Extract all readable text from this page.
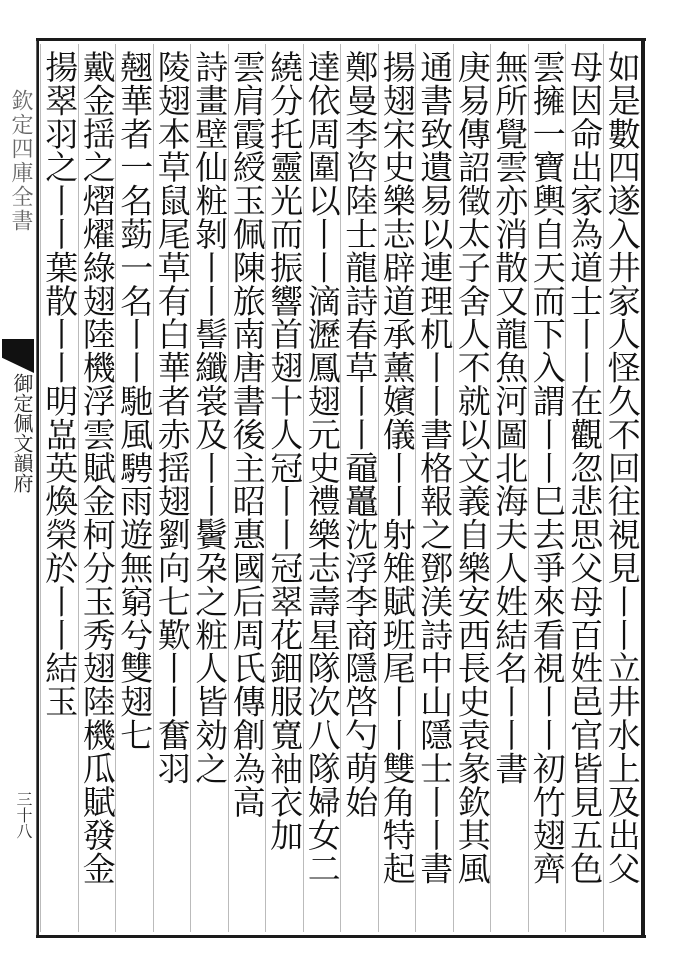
欽定四庫全書
御定佩文韻府
三十八	如是數四遂入井家人怪久不回往視見丨丨立井水上及出父
母因命出家為道士丨丨在觀忽悲思父母百姓邑官皆見五色
雲擁一寶輿自天而下入謂丨丨巳去爭來看視丨丨初竹翅齊
無所覺雲亦消散又龍魚河圖北海夫人姓結名丨丨書
庚易傳詔徵太子舍人不就以文義自樂安西長史袁彖欽其風
通書致遺易以連理机丨丨書格報之鄧渼詩中山隱士丨丨書
揚翅宋史樂志辟道承薰嬪儀丨丨射雉賦班尾丨丨雙角特起
鄭曼李咨陸士龍詩春草丨丨黿鼉沈浮李商隱啓勺萌始
達依周圍以丨丨滴瀝鳳翅元史禮樂志壽星隊次八隊婦女二
繞分托靈光而振響首翅十人冠丨丨冠翠花鈿服寬袖衣加
雲肩霞綬玉佩陳旅南唐書後主昭惠國后周氏傳創為高
詩畫壁仙粧剝丨丨髻纖裳及丨丨鬢朶之粧人皆効之
陵翅本草鼠尾草有白華者赤揺翅劉向七歎丨丨奮羽
翹華者一名葝一名丨丨馳風騁雨遊無窮兮雙翅七
戴金揺之熠燿綠翅陸機浮雲賦金柯分玉秀翅陸機瓜賦發金
揚翠羽之丨丨葉散丨丨明嵓英煥榮於丨丨結玉
